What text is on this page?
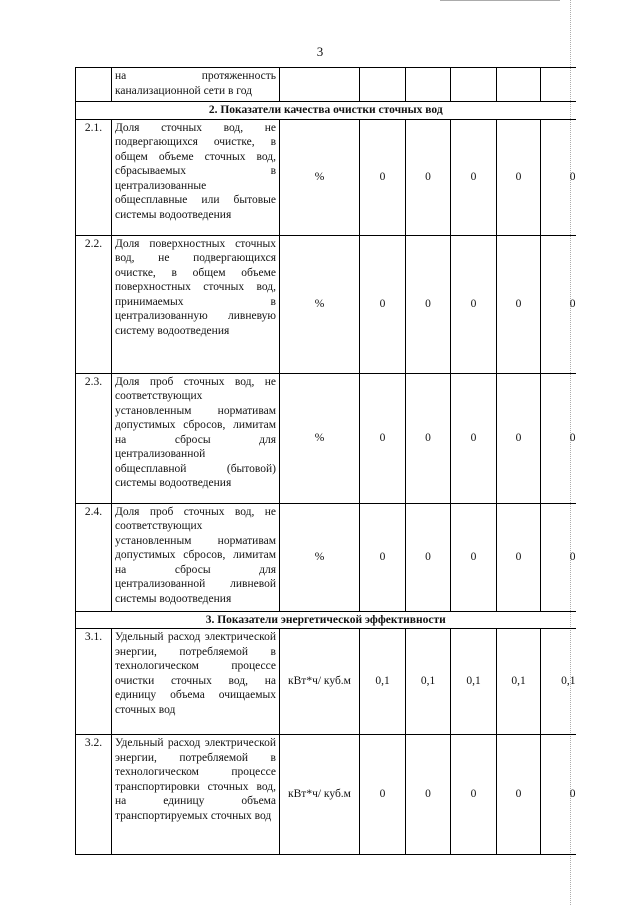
3
	на протяженность канализационной сети в год						
2. Показатели качества очистки сточных вод							
2.1.	Доля сточных вод, не подвергающихся очистке, в общем объеме сточных вод, сбрасываемых в централизованные общесплавные или бытовые системы водоотведения	%	0	0	0	0	0
2.2.	Доля поверхностных сточных вод, не подвергающихся очистке, в общем объеме поверхностных сточных вод, принимаемых в централизованную ливневую систему водоотведения	%	0	0	0	0	0
2.3.	Доля проб сточных вод, не соответствующих установленным нормативам допустимых сбросов, лимитам на сбросы для централизованной общесплавной (бытовой) системы водоотведения	%	0	0	0	0	0
2.4.	Доля проб сточных вод, не соответствующих установленным нормативам допустимых сбросов, лимитам на сбросы для централизованной ливневой системы водоотведения	%	0	0	0	0	0
3. Показатели энергетической эффективности							
3.1.	Удельный расход электрической энергии, потребляемой в технологическом процессе очистки сточных вод, на единицу объема очищаемых сточных вод	кВт*ч/ куб.м	0,1	0,1	0,1	0,1	0,1
3.2.	Удельный расход электрической энергии, потребляемой в технологическом процессе транспортировки сточных вод, на единицу объема транспортируемых сточных вод	кВт*ч/ куб.м	0	0	0	0	0
